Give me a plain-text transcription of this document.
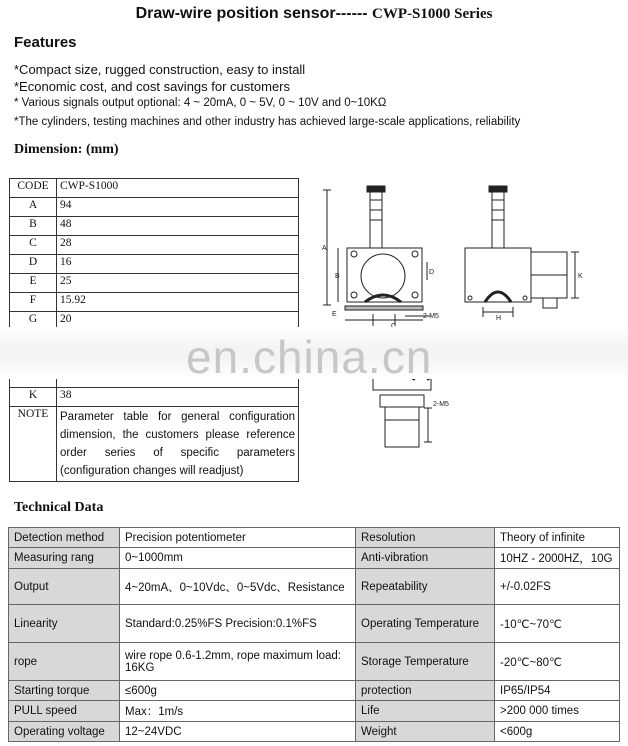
Draw-wire position sensor------ CWP-S1000 Series
Features
*Compact size, rugged construction, easy to install
*Economic cost, and cost savings for customers
* Various signals output optional: 4 ~ 20mA, 0 ~ 5V, 0 ~ 10V and 0~10KΩ
*The cylinders, testing machines and other industry has achieved large-scale applications, reliability
Dimension: (mm)
CODE	CWP-S1000
A	94
B	48
C	28
D	16
E	25
F	15.92
G	20

K	38
NOTE	Parameter table for general configuration dimension, the customers please reference order series of specific parameters (configuration changes will readjust)
A
B
D
2-M5
E
H
K
2-M5
en.china.cn
Technical Data
Detection method	Precision potentiometer	Resolution	Theory of infinite
Measuring rang	0~1000mm	Anti-vibration	10HZ - 2000HZ，10G
Output	4~20mA、0~10Vdc、0~5Vdc、Resistance	Repeatability	+/-0.02FS
Linearity	Standard:0.25%FS Precision:0.1%FS	Operating Temperature	-10℃~70℃
rope	wire rope 0.6-1.2mm, rope maximum load: 16KG	Storage Temperature	-20℃~80℃
Starting torque	≤600g	protection	IP65/IP54
PULL speed	Max：1m/s	Life	>200 000 times
Operating voltage	12~24VDC	Weight	<600g
